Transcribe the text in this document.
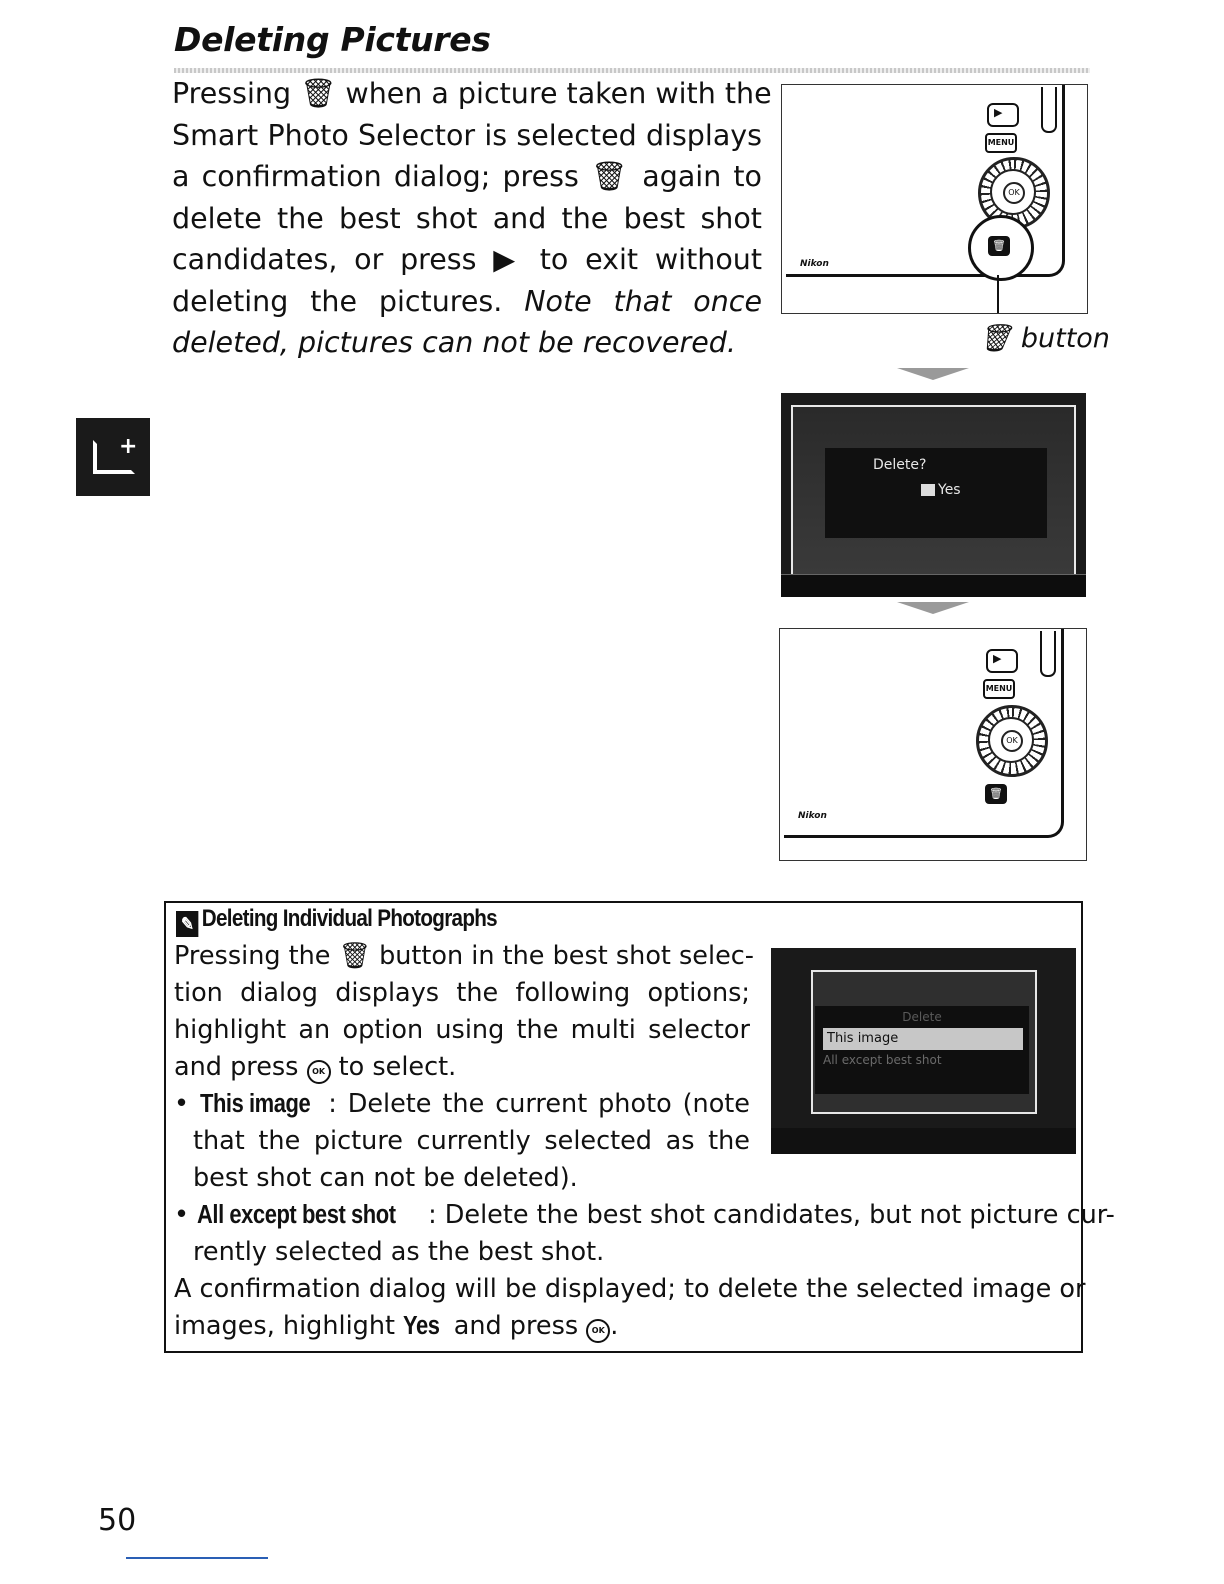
Deleting Pictures
Pressing 🗑 when a picture taken with the
Smart Photo Selector is selected displays
a confirmation dialog; press 🗑 again to
delete the best shot and the best shot
candidates, or press ▶ to exit without
deleting the pictures. Note that once
deleted, pictures can not be recovered.
+
▶
MENU
OK
🗑
Nikon
🗑 button
Delete?
🗑 Yes
▶
MENU
OK
🗑
Nikon
✎ Deleting Individual Photographs
Pressing the 🗑 button in the best shot selec-
tion dialog displays the following options;
highlight an option using the multi selector
and press OK to select.
• This image : Delete the current photo (note
that the picture currently selected as the
best shot can not be deleted).
• All except best shot : Delete the best shot candidates, but not picture cur-
rently selected as the best shot.
A confirmation dialog will be displayed; to delete the selected image or
images, highlight Yes and press OK .
Delete
This image
All except best shot
50
